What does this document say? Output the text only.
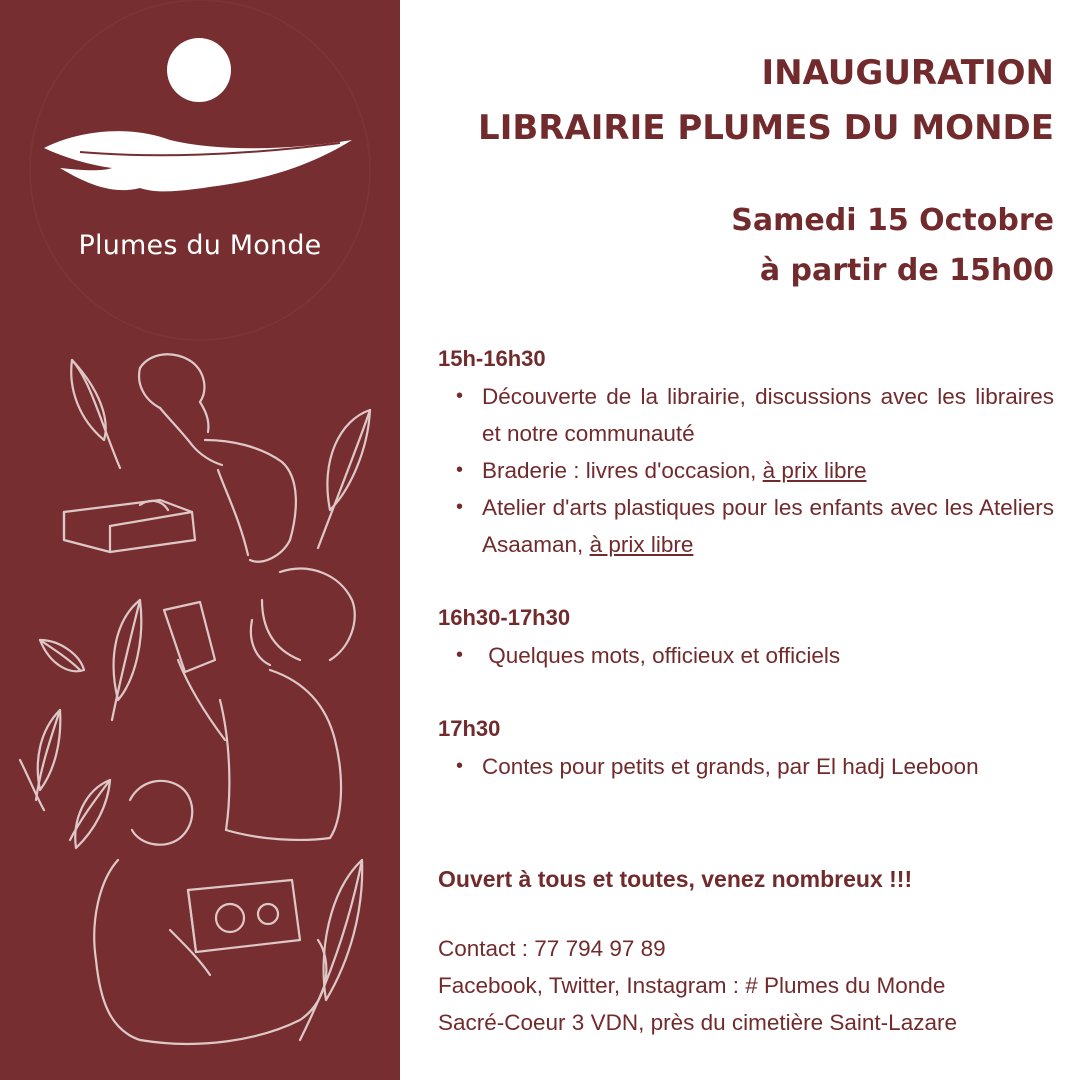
Plumes du Monde
INAUGURATION
LIBRAIRIE PLUMES DU MONDE
Samedi 15 Octobre
à partir de 15h00
15h-16h30
• Découverte de la librairie, discussions avec les libraires et notre communauté
• Braderie : livres d'occasion, à prix libre
• Atelier d'arts plastiques pour les enfants avec les Ateliers Asaaman, à prix libre
16h30-17h30
•  Quelques mots, officieux et officiels
17h30
• Contes pour petits et grands, par El hadj Leeboon
Ouvert à tous et toutes, venez nombreux !!!
Contact : 77 794 97 89
Facebook, Twitter, Instagram : # Plumes du Monde
Sacré-Coeur 3 VDN, près du cimetière Saint-Lazare
